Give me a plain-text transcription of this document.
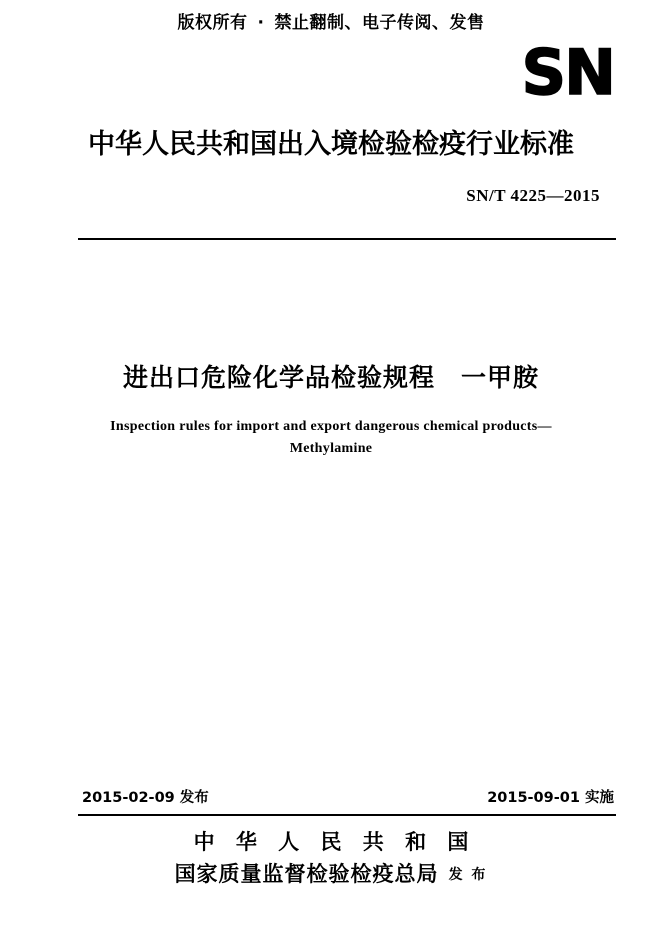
版权所有 · 禁止翻制、电子传阅、发售
SN
中华人民共和国出入境检验检疫行业标准
SN/T 4225—2015
进出口危险化学品检验规程 一甲胺
Inspection rules for import and export dangerous chemical products—
Methylamine
2015-02-09 发布	2015-09-01 实施
中 华 人 民 共 和 国
国家质量监督检验检疫总局 发 布
